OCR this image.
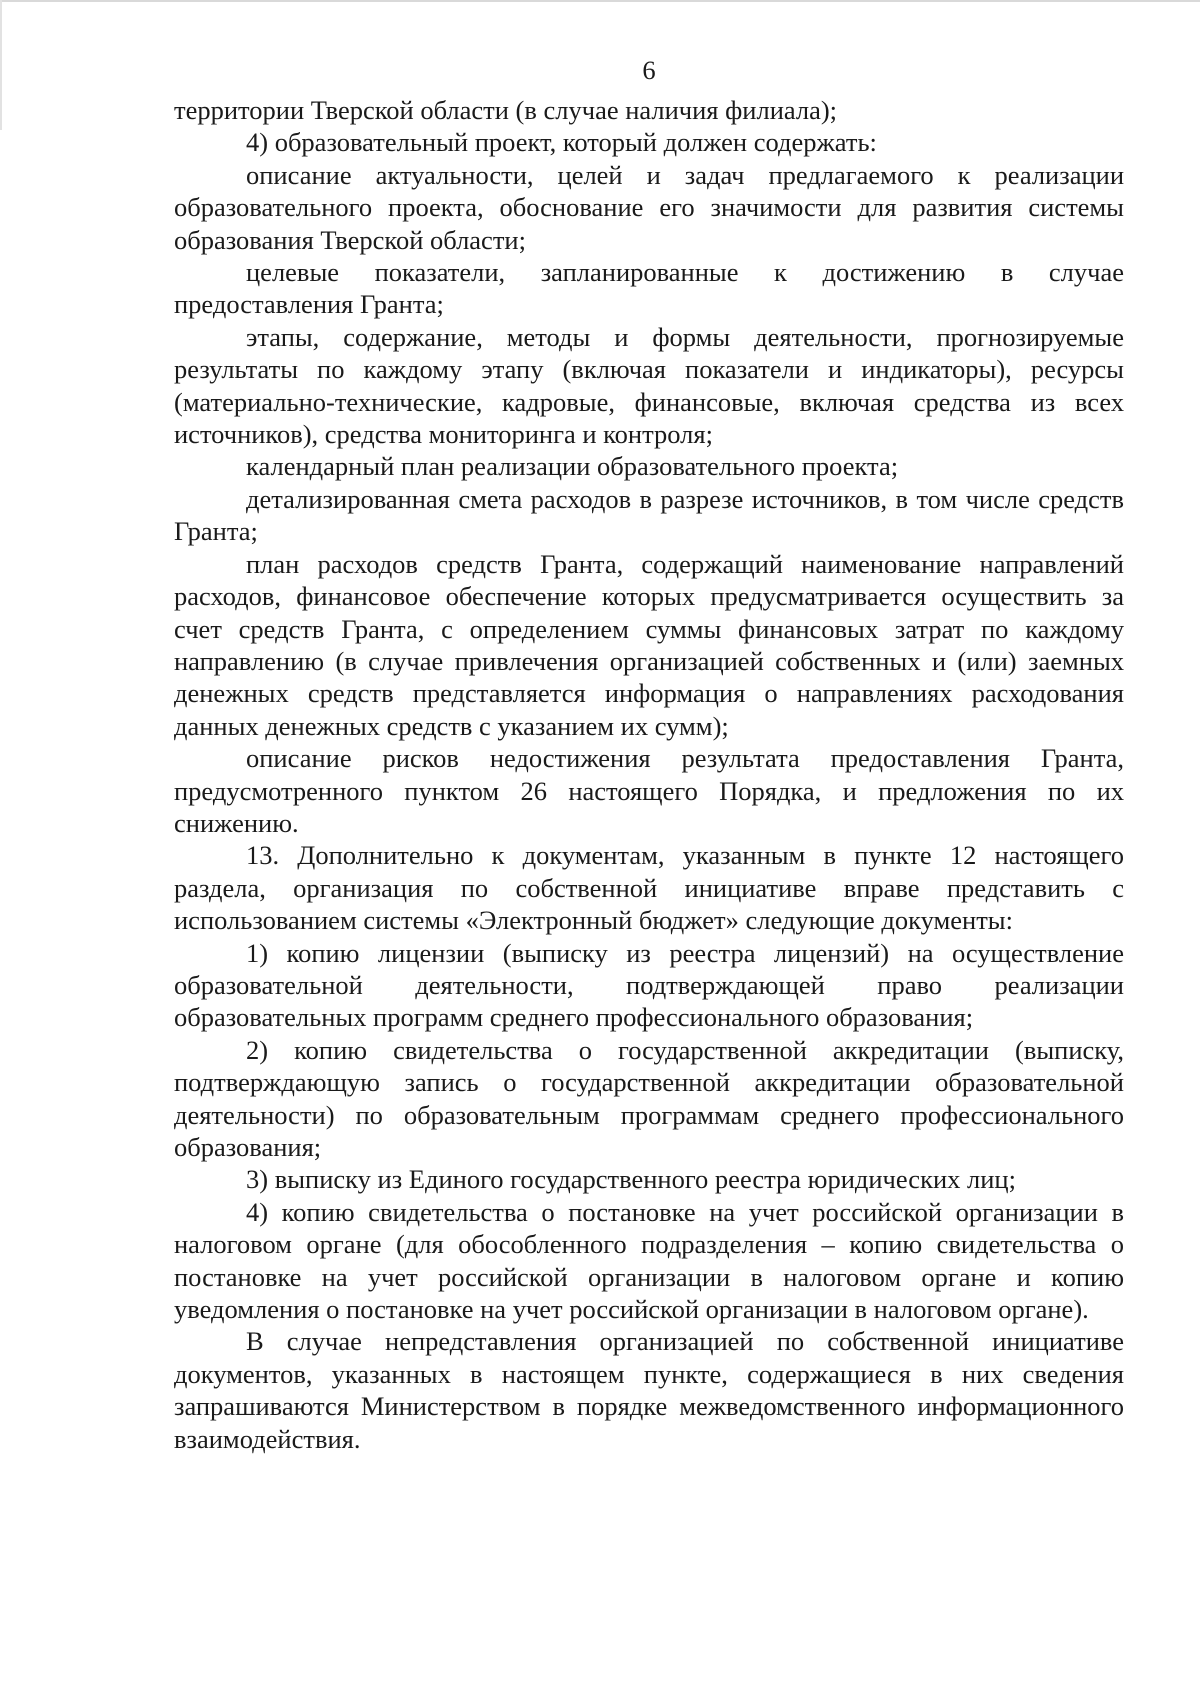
6

территории Тверской области (в случае наличия филиала);

4) образовательный проект, который должен содержать:

описание актуальности, целей и задач предлагаемого к реализации образовательного проекта, обоснование его значимости для развития системы образования Тверской области;

целевые показатели, запланированные к достижению в случае предоставления Гранта;

этапы, содержание, методы и формы деятельности, прогнозируемые результаты по каждому этапу (включая показатели и индикаторы), ресурсы (материально-технические, кадровые, финансовые, включая средства из всех источников), средства мониторинга и контроля;

календарный план реализации образовательного проекта;

детализированная смета расходов в разрезе источников, в том числе средств Гранта;

план расходов средств Гранта, содержащий наименование направлений расходов, финансовое обеспечение которых предусматривается осуществить за счет средств Гранта, с определением суммы финансовых затрат по каждому направлению (в случае привлечения организацией собственных и (или) заемных денежных средств представляется информация о направлениях расходования данных денежных средств с указанием их сумм);

описание рисков недостижения результата предоставления Гранта, предусмотренного пунктом 26 настоящего Порядка, и предложения по их снижению.

13. Дополнительно к документам, указанным в пункте 12 настоящего раздела, организация по собственной инициативе вправе представить с использованием системы «Электронный бюджет» следующие документы:

1) копию лицензии (выписку из реестра лицензий) на осуществление образовательной деятельности, подтверждающей право реализации образовательных программ среднего профессионального образования;

2) копию свидетельства о государственной аккредитации (выписку, подтверждающую запись о государственной аккредитации образовательной деятельности) по образовательным программам среднего профессионального образования;

3) выписку из Единого государственного реестра юридических лиц;

4) копию свидетельства о постановке на учет российской организации в налоговом органе (для обособленного подразделения – копию свидетельства о постановке на учет российской организации в налоговом органе и копию уведомления о постановке на учет российской организации в налоговом органе).

В случае непредставления организацией по собственной инициативе документов, указанных в настоящем пункте, содержащиеся в них сведения запрашиваются Министерством в порядке межведомственного информационного взаимодействия.
